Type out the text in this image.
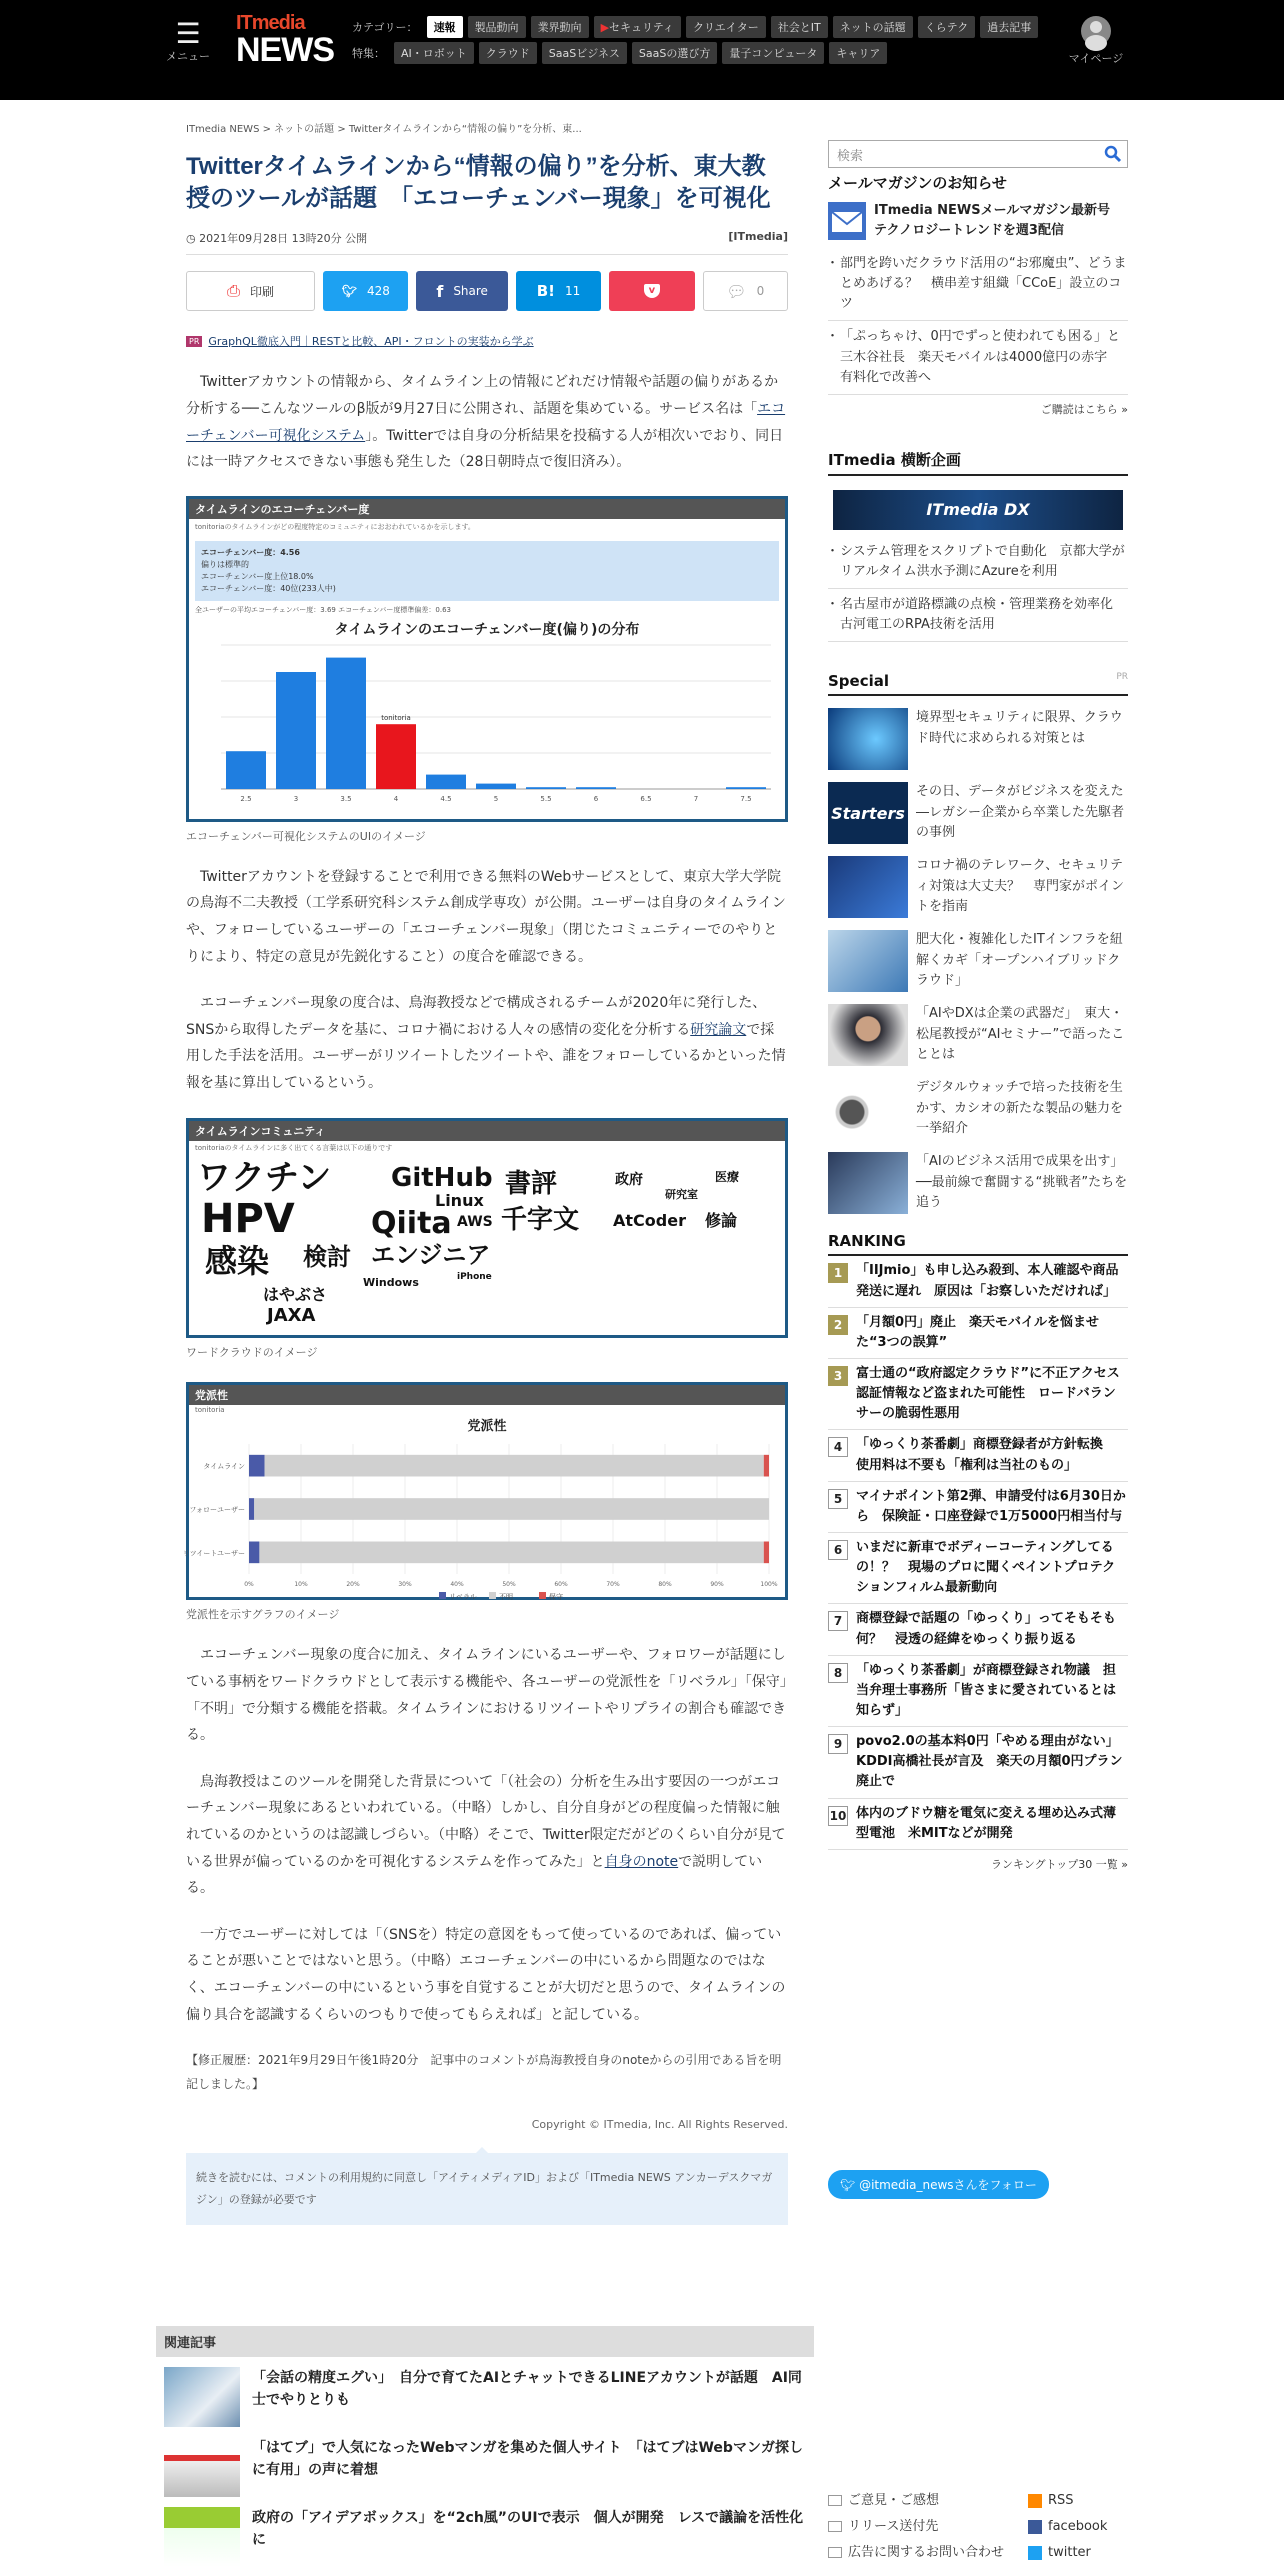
☰
メニュー
ITmedia
NEWS
カテゴリー：	速報	製品動向	業界動向	▶セキュリティ	クリエイター	社会とIT	ネットの話題	くらテク	過去記事
特集：	AI・ロボット	クラウド	SaaSビジネス	SaaSの選び方	量子コンピュータ	キャリア	マイページ
ITmedia NEWS > ネットの話題 > Twitterタイムラインから“情報の偏り”を分析、東...
Twitterタイムラインから“情報の偏り”を分析、東大教授のツールが話題　「エコーチェンバー現象」を可視化
◷ 2021年09月28日 13時20分 公開	[ITmedia]
⎙ 印刷	🐦︎ 428	f Share	B! 11	v	💬︎ 0
PR GraphQL徹底入門｜RESTと比較、API・フロントの実装から学ぶ

Twitterアカウントの情報から、タイムライン上の情報にどれだけ情報や話題の偏りがあるか分析する──こんなツールのβ版が9月27日に公開され、話題を集めている。サービス名は「エコーチェンバー可視化システム」。Twitterでは自身の分析結果を投稿する人が相次いでおり、同日には一時アクセスできない事態も発生した（28日朝時点で復旧済み）。

タイムラインのエコーチェンバー度
tonitoriaのタイムラインがどの程度特定のコミュニティにおおわれているかを示します。
エコーチェンバー度：4.56
偏りは標準的
エコーチェンバー度上位18.0%
エコーチェンバー度：40位(233人中)
全ユーザーの平均エコーチェンバー度：3.69 エコーチェンバー度標準偏差：0.63
タイムラインのエコーチェンバー度(偏り)の分布
2.5	3	3.5	4
tonitoria
4.5	5	5.5	6	6.5	7	7.5
エコーチェンバー可視化システムのUIのイメージ

Twitterアカウントを登録することで利用できる無料のWebサービスとして、東京大学大学院の鳥海不二夫教授（工学系研究科システム創成学専攻）が公開。ユーザーは自身のタイムラインや、フォローしているユーザーの「エコーチェンバー現象」（閉じたコミュニティーでのやりとりにより、特定の意見が先鋭化すること）の度合を確認できる。

エコーチェンバー現象の度合は、鳥海教授などで構成されるチームが2020年に発行した、SNSから取得したデータを基に、コロナ禍における人々の感情の変化を分析する研究論文で採用した手法を活用。ユーザーがリツイートしたツイートや、誰をフォローしているかといった情報を基に算出しているという。

タイムラインコミュニティ
tonitoriaのタイムラインに多く出てくる言葉は以下の通りです
ワクチン
HPV
感染 検討
GitHub
Linux
Qiita AWS
エンジニア
書評
千字文 AtCoder 修論
はやぶさ
JAXA
Windows	iPhone
政府
研究室
医療
ワードクラウドのイメージ
党派性
tonitoria
党派性
0%	10%	20%	30%	40%	50%	60%	70%	80%	90%	100%
タイムライン
フォローユーザー
リツイートユーザー
リベラル	不明	保守
党派性を示すグラフのイメージ

エコーチェンバー現象の度合に加え、タイムラインにいるユーザーや、フォロワーが話題にしている事柄をワードクラウドとして表示する機能や、各ユーザーの党派性を「リベラル」「保守」「不明」で分類する機能を搭載。タイムラインにおけるリツイートやリプライの割合も確認できる。

鳥海教授はこのツールを開発した背景について「（社会の）分析を生み出す要因の一つがエコーチェンバー現象にあるといわれている。（中略）しかし、自分自身がどの程度偏った情報に触れているのかというのは認識しづらい。（中略）そこで、Twitter限定だがどのくらい自分が見ている世界が偏っているのかを可視化するシステムを作ってみた」と自身のnoteで説明している。

一方でユーザーに対しては「（SNSを）特定の意図をもって使っているのであれば、偏っていることが悪いことではないと思う。（中略）エコーチェンバーの中にいるから問題なのではなく、エコーチェンバーの中にいるという事を自覚することが大切だと思うので、タイムラインの偏り具合を認識するくらいのつもりで使ってもらえれば」と記している。

【修正履歴：2021年9月29日午後1時20分　記事中のコメントが鳥海教授自身のnoteからの引用である旨を明記しました。】

Copyright © ITmedia, Inc. All Rights Reserved.
続きを読むには、コメントの利用規約に同意し「アイティメディアID」および「ITmedia NEWS アンカーデスクマガジン」の登録が必要です
関連記事
「会話の精度エグい」　自分で育てたAIとチャットできるLINEアカウントが話題　AI同士でやりとりも
「はてブ」で人気になったWebマンガを集めた個人サイト　「はてブはWebマンガ探しに有用」の声に着想
政府の「アイデアボックス」を“2ch風”のUIで表示　個人が開発　レスで議論を活性化に
検索
メールマガジンのお知らせ
ITmedia NEWSメールマガジン最新号　テクノロジートレンドを週3配信
・ 部門を跨いだクラウド活用の“お邪魔虫”、どうまとめあげる？　横串差す組織「CCoE」設立のコツ
・ 「ぷっちゃけ、0円でずっと使われても困る」と三木谷社長　楽天モバイルは4000億円の赤字　有料化で改善へ
ご購読はこちら »
ITmedia 横断企画
ITmedia DX
・ システム管理をスクリプトで自動化　京都大学がリアルタイム洪水予測にAzureを利用
・ 名古屋市が道路標識の点検・管理業務を効率化　古河電工のRPA技術を活用
Special	PR
境界型セキュリティに限界、クラウド時代に求められる対策とは
Starters
その日、データがビジネスを変えた―レガシー企業から卒業した先駆者の事例
コロナ禍のテレワーク、セキュリティ対策は大丈夫？　専門家がポイントを指南
肥大化・複雑化したITインフラを紐解くカギ「オープンハイブリッドクラウド」
「AIやDXは企業の武器だ」　東大・松尾教授が“AIセミナー”で語ったこととは
デジタルウォッチで培った技術を生かす、カシオの新たな製品の魅力を一挙紹介
「AIのビジネス活用で成果を出す」──最前線で奮闘する“挑戦者”たちを追う
RANKING
1	「IIJmio」も申し込み殺到、本人確認や商品発送に遅れ　原因は「お察しいただければ」
2	「月額0円」廃止　楽天モバイルを悩ませた“3つの誤算”
3	富士通の“政府認定クラウド”に不正アクセス　認証情報など盗まれた可能性　ロードバランサーの脆弱性悪用
4	「ゆっくり茶番劇」商標登録者が方針転換　使用料は不要も「権利は当社のもの」
5	マイナポイント第2弾、申請受付は6月30日から　保険証・口座登録で1万5000円相当付与
6	いまだに新車でボディーコーティングしてるの！？　現場のプロに聞くペイントプロテクションフィルム最新動向
7	商標登録で話題の「ゆっくり」ってそもそも何？　浸透の経緯をゆっくり振り返る
8	「ゆっくり茶番劇」が商標登録され物議　担当弁理士事務所「皆さまに愛されているとは知らず」
9	povo2.0の基本料0円「やめる理由がない」　KDDI高橋社長が言及　楽天の月額0円プラン廃止で
10 体内のブドウ糖を電気に変える埋め込み式薄型電池　米MITなどが開発
ランキングトップ30 一覧 »
🐦︎ @itmedia_newsさんをフォロー
ご意見・ご感想
リリース送付先
広告に関するお問い合わせ
RSS
facebook
twitter
